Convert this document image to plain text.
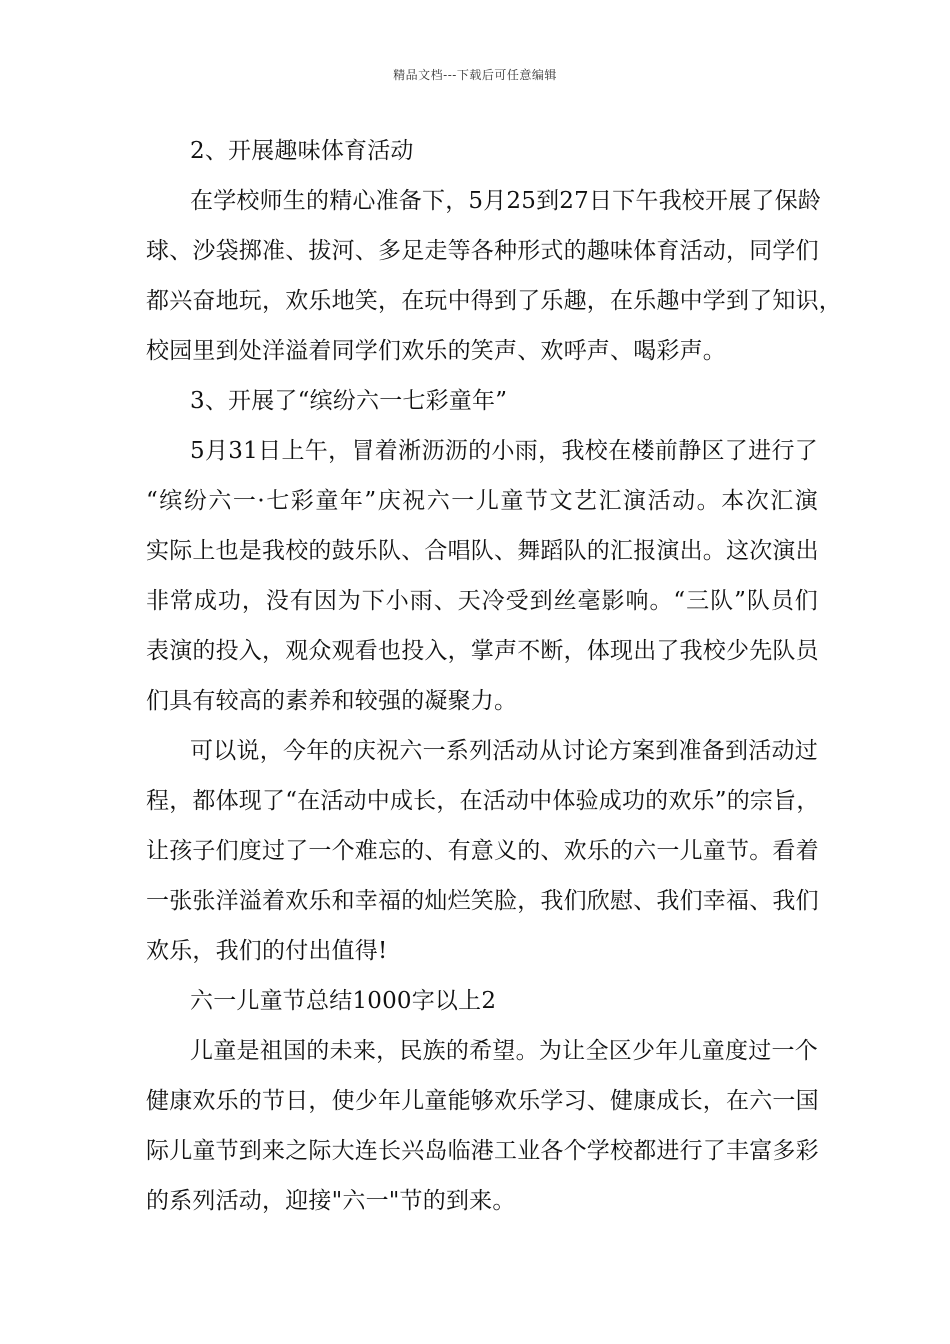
精品文档---下载后可任意编辑
2、开展趣味体育活动
在学校师生的精心准备下，5月25到27日下午我校开展了保龄
球、沙袋掷准、拔河、多足走等各种形式的趣味体育活动，同学们
都兴奋地玩，欢乐地笑，在玩中得到了乐趣，在乐趣中学到了知识，
校园里到处洋溢着同学们欢乐的笑声、欢呼声、喝彩声。
3、开展了“缤纷六一七彩童年”
5月31日上午，冒着淅沥沥的小雨，我校在楼前静区了进行了
“缤纷六一·七彩童年”庆祝六一儿童节文艺汇演活动。本次汇演
实际上也是我校的鼓乐队、合唱队、舞蹈队的汇报演出。这次演出
非常成功，没有因为下小雨、天冷受到丝毫影响。“三队”队员们
表演的投入，观众观看也投入，掌声不断，体现出了我校少先队员
们具有较高的素养和较强的凝聚力。
可以说，今年的庆祝六一系列活动从讨论方案到准备到活动过
程，都体现了“在活动中成长，在活动中体验成功的欢乐”的宗旨，
让孩子们度过了一个难忘的、有意义的、欢乐的六一儿童节。看着
一张张洋溢着欢乐和幸福的灿烂笑脸，我们欣慰、我们幸福、我们
欢乐，我们的付出值得!
六一儿童节总结1000字以上2
儿童是祖国的未来，民族的希望。为让全区少年儿童度过一个
健康欢乐的节日，使少年儿童能够欢乐学习、健康成长，在六一国
际儿童节到来之际大连长兴岛临港工业各个学校都进行了丰富多彩
的系列活动，迎接"六一"节的到来。
